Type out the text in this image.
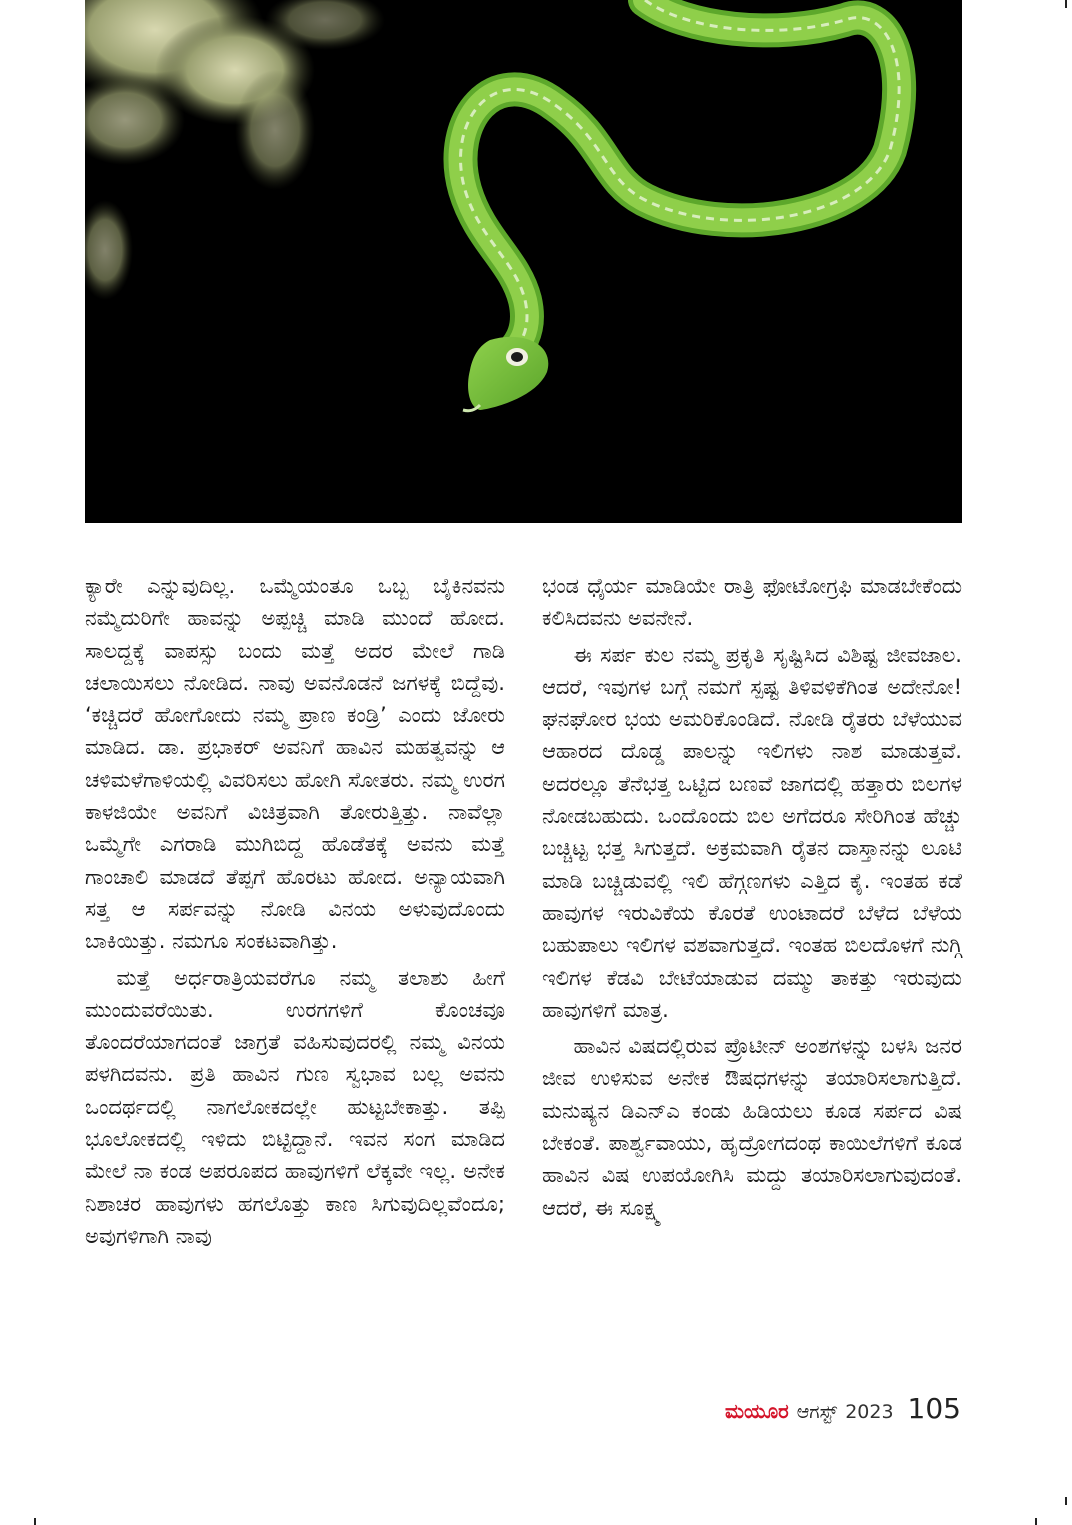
ಕ್ಯಾರೇ ಎನ್ನುವುದಿಲ್ಲ. ಒಮ್ಮೆಯಂತೂ ಒಬ್ಬ ಬೈಕಿನವನು ನಮ್ಮೆದುರಿಗೇ ಹಾವನ್ನು ಅಪ್ಪಚ್ಚಿ ಮಾಡಿ ಮುಂದೆ ಹೋದ. ಸಾಲದ್ದಕ್ಕೆ ವಾಪಸ್ಸು ಬಂದು ಮತ್ತೆ ಅದರ ಮೇಲೆ ಗಾಡಿ ಚಲಾಯಿಸಲು ನೋಡಿದ. ನಾವು ಅವನೊಡನೆ ಜಗಳಕ್ಕೆ ಬಿದ್ದೆವು. ‘ಕಚ್ಚಿದರೆ ಹೋಗೋದು ನಮ್ಮ ಪ್ರಾಣ ಕಂಡ್ರಿ’ ಎಂದು ಜೋರು ಮಾಡಿದ. ಡಾ. ಪ್ರಭಾಕರ್ ಅವನಿಗೆ ಹಾವಿನ ಮಹತ್ವವನ್ನು ಆ ಚಳಿಮಳೆಗಾಳಿಯಲ್ಲಿ ವಿವರಿಸಲು ಹೋಗಿ ಸೋತರು. ನಮ್ಮ ಉರಗ ಕಾಳಜಿಯೇ ಅವನಿಗೆ ವಿಚಿತ್ರವಾಗಿ ತೋರುತ್ತಿತ್ತು. ನಾವೆಲ್ಲಾ ಒಮ್ಮೆಗೇ ಎಗರಾಡಿ ಮುಗಿಬಿದ್ದ ಹೊಡೆತಕ್ಕೆ ಅವನು ಮತ್ತೆ ಗಾಂಚಾಲಿ ಮಾಡದೆ ತೆಪ್ಪಗೆ ಹೊರಟು ಹೋದ. ಅನ್ಯಾಯವಾಗಿ ಸತ್ತ ಆ ಸರ್ಪವನ್ನು ನೋಡಿ ವಿನಯ ಅಳುವುದೊಂದು ಬಾಕಿಯಿತ್ತು. ನಮಗೂ ಸಂಕಟವಾಗಿತ್ತು.

ಮತ್ತೆ ಅರ್ಧರಾತ್ರಿಯವರೆಗೂ ನಮ್ಮ ತಲಾಶು ಹೀಗೆ ಮುಂದುವರೆಯಿತು. ಉರಗಗಳಿಗೆ ಕೊಂಚವೂ ತೊಂದರೆಯಾಗದಂತೆ ಜಾಗ್ರತೆ ವಹಿಸುವುದರಲ್ಲಿ ನಮ್ಮ ವಿನಯ ಪಳಗಿದವನು. ಪ್ರತಿ ಹಾವಿನ ಗುಣ ಸ್ವಭಾವ ಬಲ್ಲ ಅವನು ಒಂದರ್ಥದಲ್ಲಿ ನಾಗಲೋಕದಲ್ಲೇ ಹುಟ್ಟಬೇಕಾತ್ತು. ತಪ್ಪಿ ಭೂಲೋಕದಲ್ಲಿ ಇಳಿದು ಬಿಟ್ಟಿದ್ದಾನೆ. ಇವನ ಸಂಗ ಮಾಡಿದ ಮೇಲೆ ನಾ ಕಂಡ ಅಪರೂಪದ ಹಾವುಗಳಿಗೆ ಲೆಕ್ಕವೇ ಇಲ್ಲ. ಅನೇಕ ನಿಶಾಚರ ಹಾವುಗಳು ಹಗಲೊತ್ತು ಕಾಣ ಸಿಗುವುದಿಲ್ಲವೆಂದೂ; ಅವುಗಳಿಗಾಗಿ ನಾವು

ಭಂಡ ಧೈರ್ಯ ಮಾಡಿಯೇ ರಾತ್ರಿ ಫೋಟೋಗ್ರಫಿ ಮಾಡಬೇಕೆಂದು ಕಲಿಸಿದವನು ಅವನೇನೆ.

ಈ ಸರ್ಪ ಕುಲ ನಮ್ಮ ಪ್ರಕೃತಿ ಸೃಷ್ಟಿಸಿದ ವಿಶಿಷ್ಟ ಜೀವಜಾಲ. ಆದರೆ, ಇವುಗಳ ಬಗ್ಗೆ ನಮಗೆ ಸ್ಪಷ್ಟ ತಿಳಿವಳಿಕೆಗಿಂತ ಅದೇನೋ! ಘನಘೋರ ಭಯ ಅಮರಿಕೊಂಡಿದೆ. ನೋಡಿ ರೈತರು ಬೆಳೆಯುವ ಆಹಾರದ ದೊಡ್ಡ ಪಾಲನ್ನು ಇಲಿಗಳು ನಾಶ ಮಾಡುತ್ತವೆ. ಅದರಲ್ಲೂ ತೆನೆಭತ್ತ ಒಟ್ಟಿದ ಬಣವೆ ಜಾಗದಲ್ಲಿ ಹತ್ತಾರು ಬಿಲಗಳ ನೋಡಬಹುದು. ಒಂದೊಂದು ಬಿಲ ಅಗೆದರೂ ಸೇರಿಗಿಂತ ಹೆಚ್ಚು ಬಚ್ಚಿಟ್ಟ ಭತ್ತ ಸಿಗುತ್ತದೆ. ಅಕ್ರಮವಾಗಿ ರೈತನ ದಾಸ್ತಾನನ್ನು ಲೂಟಿ ಮಾಡಿ ಬಚ್ಚಿಡುವಲ್ಲಿ ಇಲಿ ಹೆಗ್ಗಣಗಳು ಎತ್ತಿದ ಕೈ. ಇಂತಹ ಕಡೆ ಹಾವುಗಳ ಇರುವಿಕೆಯ ಕೊರತೆ ಉಂಟಾದರೆ ಬೆಳೆದ ಬೆಳೆಯ ಬಹುಪಾಲು ಇಲಿಗಳ ವಶವಾಗುತ್ತದೆ. ಇಂತಹ ಬಿಲದೊಳಗೆ ನುಗ್ಗಿ ಇಲಿಗಳ ಕೆಡವಿ ಬೇಟೆಯಾಡುವ ದಮ್ಮು ತಾಕತ್ತು ಇರುವುದು ಹಾವುಗಳಿಗೆ ಮಾತ್ರ.

ಹಾವಿನ ವಿಷದಲ್ಲಿರುವ ಪ್ರೊಟೀನ್ ಅಂಶಗಳನ್ನು ಬಳಸಿ ಜನರ ಜೀವ ಉಳಿಸುವ ಅನೇಕ ಔಷಧಗಳನ್ನು ತಯಾರಿಸಲಾಗುತ್ತಿದೆ. ಮನುಷ್ಯನ ಡಿಎನ್ಎ ಕಂಡು ಹಿಡಿಯಲು ಕೂಡ ಸರ್ಪದ ವಿಷ ಬೇಕಂತೆ. ಪಾರ್ಶ್ವವಾಯು, ಹೃದ್ರೋಗದಂಥ ಕಾಯಿಲೆಗಳಿಗೆ ಕೂಡ ಹಾವಿನ ವಿಷ ಉಪಯೋಗಿಸಿ ಮದ್ದು ತಯಾರಿಸಲಾಗುವುದಂತೆ. ಆದರೆ, ಈ ಸೂಕ್ಷ್ಮ

ಮಯೂರ ಆಗಸ್ಟ್ 2023 105
